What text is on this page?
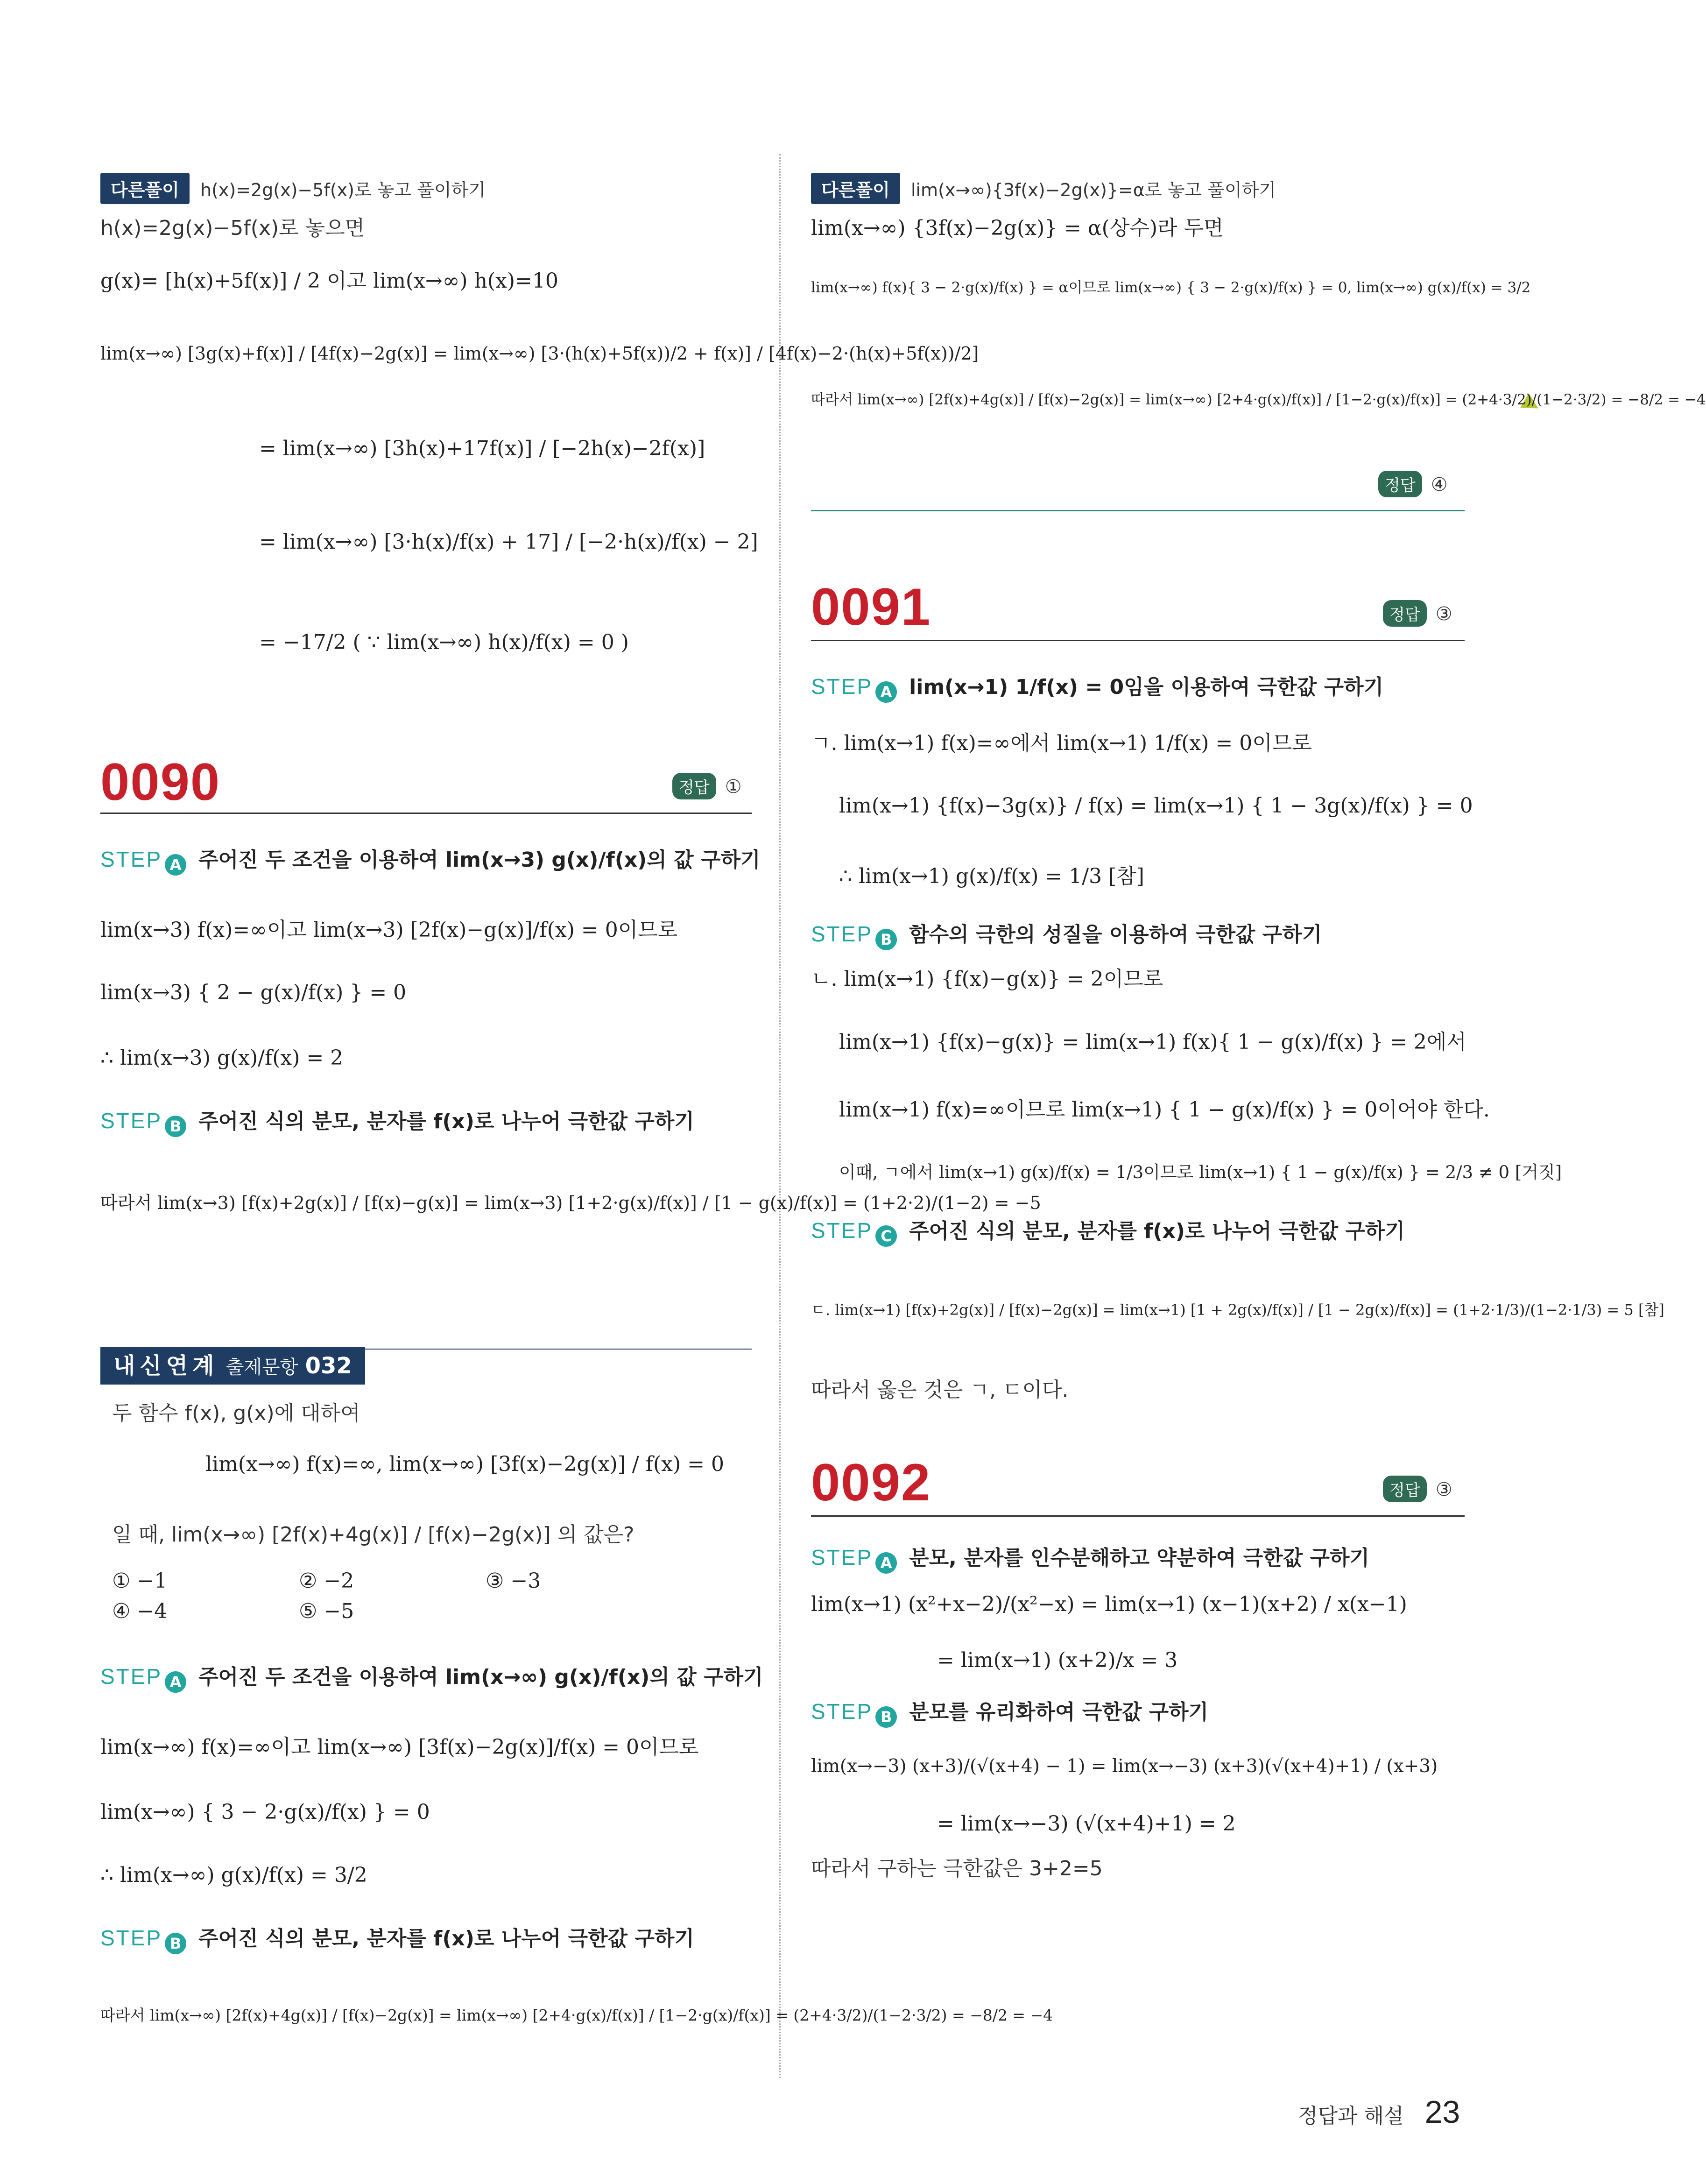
다른풀이 h(x)=2g(x)−5f(x)로 놓고 풀이하기
h(x)=2g(x)−5f(x)로 놓으면
g(x)= [h(x)+5f(x)] / 2 이고 lim(x→∞) h(x)=10
lim(x→∞) [3g(x)+f(x)] / [4f(x)−2g(x)] = lim(x→∞) [3·(h(x)+5f(x))/2 + f(x)] / [4f(x)−2·(h(x)+5f(x))/2]
= lim(x→∞) [3h(x)+17f(x)] / [−2h(x)−2f(x)]
= lim(x→∞) [3·h(x)/f(x) + 17] / [−2·h(x)/f(x) − 2]
= −17/2 ( ∵ lim(x→∞) h(x)/f(x) = 0 )
0090	정답 ①
STEP A 주어진 두 조건을 이용하여 lim(x→3) g(x)/f(x)의 값 구하기
lim(x→3) f(x)=∞이고 lim(x→3) [2f(x)−g(x)]/f(x) = 0이므로
lim(x→3) { 2 − g(x)/f(x) } = 0
∴ lim(x→3) g(x)/f(x) = 2
STEP B 주어진 식의 분모, 분자를 f(x)로 나누어 극한값 구하기
따라서 lim(x→3) [f(x)+2g(x)] / [f(x)−g(x)] = lim(x→3) [1+2·g(x)/f(x)] / [1 − g(x)/f(x)] = (1+2·2)/(1−2) = −5
내신연계 출제문항 032
두 함수 f(x), g(x)에 대하여
lim(x→∞) f(x)=∞, lim(x→∞) [3f(x)−2g(x)] / f(x) = 0
일 때, lim(x→∞) [2f(x)+4g(x)] / [f(x)−2g(x)] 의 값은?
① −1	② −2	③ −3
④ −4	⑤ −5
STEP A 주어진 두 조건을 이용하여 lim(x→∞) g(x)/f(x)의 값 구하기
lim(x→∞) f(x)=∞이고 lim(x→∞) [3f(x)−2g(x)]/f(x) = 0이므로
lim(x→∞) { 3 − 2·g(x)/f(x) } = 0
∴ lim(x→∞) g(x)/f(x) = 3/2
STEP B 주어진 식의 분모, 분자를 f(x)로 나누어 극한값 구하기
따라서 lim(x→∞) [2f(x)+4g(x)] / [f(x)−2g(x)] = lim(x→∞) [2+4·g(x)/f(x)] / [1−2·g(x)/f(x)] = (2+4·3/2)/(1−2·3/2) = −8/2 = −4
다른풀이 lim(x→∞){3f(x)−2g(x)}=α로 놓고 풀이하기
lim(x→∞) {3f(x)−2g(x)} = α(상수)라 두면
lim(x→∞) f(x){ 3 − 2·g(x)/f(x) } = α이므로 lim(x→∞) { 3 − 2·g(x)/f(x) } = 0, lim(x→∞) g(x)/f(x) = 3/2
따라서 lim(x→∞) [2f(x)+4g(x)] / [f(x)−2g(x)] = lim(x→∞) [2+4·g(x)/f(x)] / [1−2·g(x)/f(x)] = (2+4·3/2)/(1−2·3/2) = −8/2 = −4
정답 ④
0091	정답 ③
STEP A lim(x→1) 1/f(x) = 0임을 이용하여 극한값 구하기
ㄱ. lim(x→1) f(x)=∞에서 lim(x→1) 1/f(x) = 0이므로
lim(x→1) {f(x)−3g(x)} / f(x) = lim(x→1) { 1 − 3g(x)/f(x) } = 0
∴ lim(x→1) g(x)/f(x) = 1/3 [참]
STEP B 함수의 극한의 성질을 이용하여 극한값 구하기
ㄴ. lim(x→1) {f(x)−g(x)} = 2이므로
lim(x→1) {f(x)−g(x)} = lim(x→1) f(x){ 1 − g(x)/f(x) } = 2에서
lim(x→1) f(x)=∞이므로 lim(x→1) { 1 − g(x)/f(x) } = 0이어야 한다.
이때, ㄱ에서 lim(x→1) g(x)/f(x) = 1/3이므로 lim(x→1) { 1 − g(x)/f(x) } = 2/3 ≠ 0 [거짓]
STEP C 주어진 식의 분모, 분자를 f(x)로 나누어 극한값 구하기
ㄷ. lim(x→1) [f(x)+2g(x)] / [f(x)−2g(x)] = lim(x→1) [1 + 2g(x)/f(x)] / [1 − 2g(x)/f(x)] = (1+2·1/3)/(1−2·1/3) = 5 [참]
따라서 옳은 것은 ㄱ, ㄷ이다.
0092	정답 ③
STEP A 분모, 분자를 인수분해하고 약분하여 극한값 구하기
lim(x→1) (x²+x−2)/(x²−x) = lim(x→1) (x−1)(x+2) / x(x−1)
= lim(x→1) (x+2)/x = 3
STEP B 분모를 유리화하여 극한값 구하기
lim(x→−3) (x+3)/(√(x+4) − 1) = lim(x→−3) (x+3)(√(x+4)+1) / (x+3)
= lim(x→−3) (√(x+4)+1) = 2
따라서 구하는 극한값은 3+2=5
정답과 해설 23
